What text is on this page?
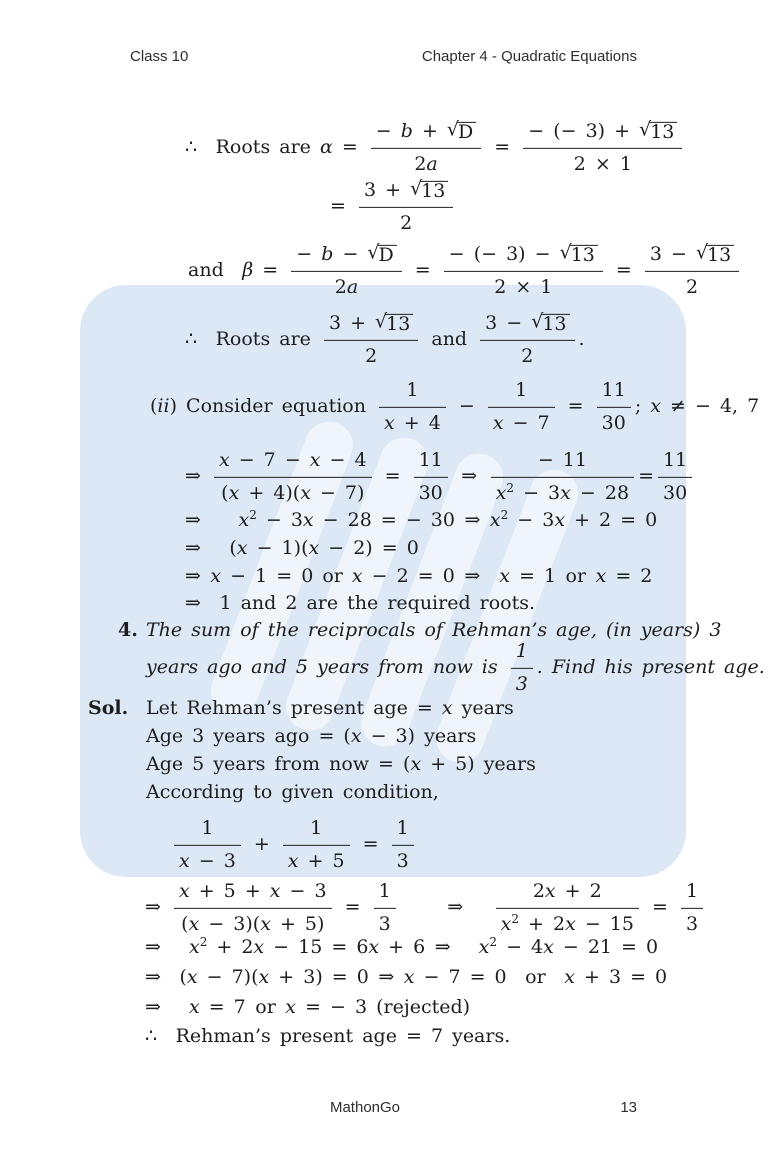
Class 10	Chapter 4 - Quadratic Equations
∴  Roots are $\alpha = \frac{- b + √ D}{2a} = \frac{- (- 3) + √ 13}{2 \times 1}$
= $\frac{3 + √ 13}{2}$
and  $\beta = \frac{- b - √ D}{2a} = \frac{- (- 3) - √ 13}{2 \times 1} = \frac{3 - √ 13}{2}$
∴  Roots are $\frac{3 + √ 13}{2}$ and $\frac{3 - √ 13}{2}$ .
(ii) Consider equation $\frac{1}{x + 4} - \frac{1}{x - 7} = \frac{11}{30}$ ; x ≠ − 4, 7
⇒ $\frac{x - 7 - x - 4}{(x + 4)(x - 7)} = \frac{11}{30}$  ⇒  $\frac{- 11}{x^2 - 3x - 28} = \frac{11}{30}$
⇒   $x^2 - 3x - 28$ = − 30 ⇒ $x^2 - 3x + 2 = 0$
⇒  (x − 1)(x − 2) = 0
⇒ x − 1 = 0 or x − 2 = 0 ⇒ x = 1 or x = 2
⇒  1 and 2 are the required roots.
4. The sum of the reciprocals of Rehman’s age, (in years) 3
years ago and 5 years from now is $\frac{1}{3}$ . Find his present age.
Sol. Let Rehman’s present age = x years
Age 3 years ago = (x − 3) years
Age 5 years from now = (x + 5) years
According to given condition,
$\frac{1}{x - 3} + \frac{1}{x + 5} = \frac{1}{3}$
⇒ $\frac{x + 5 + x - 3}{(x - 3)(x + 5)} = \frac{1}{3}$    ⇒   $\frac{2x + 2}{x^2 + 2x - 15} = \frac{1}{3}$
⇒  $x^2 + 2x - 15 = 6x + 6$ ⇒  $x^2 - 4x - 21 = 0$
⇒  (x − 7)(x + 3) = 0 ⇒ x − 7 = 0  or  x + 3 = 0
⇒  x = 7 or x = − 3 (rejected)
∴  Rehman’s present age = 7 years.
MathonGo	13
